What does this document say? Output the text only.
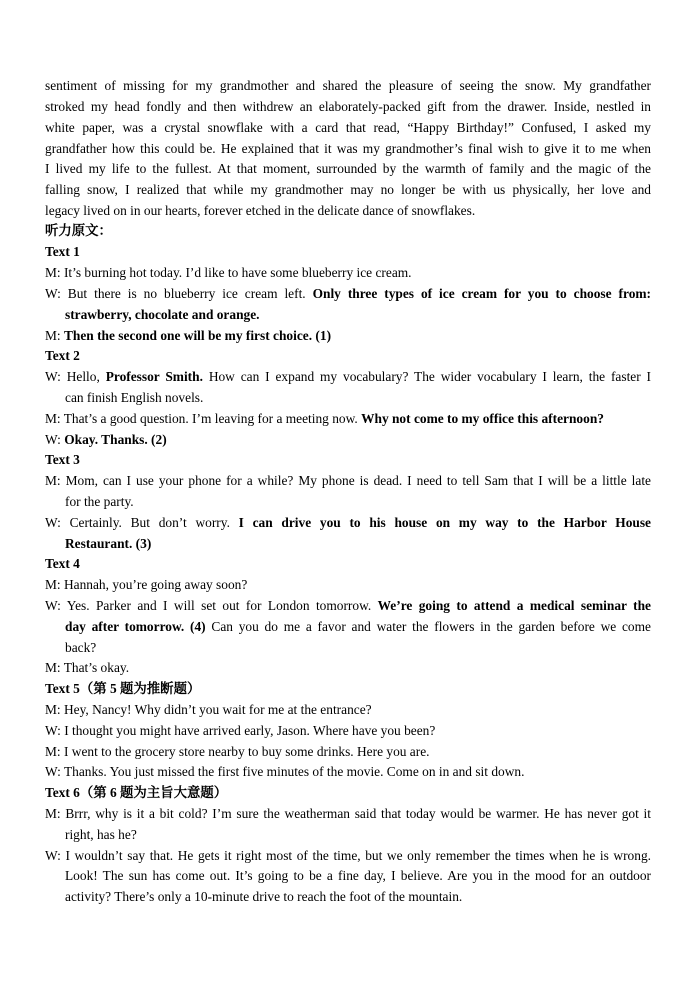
sentiment of missing for my grandmother and shared the pleasure of seeing the snow. My grandfather
stroked my head fondly and then withdrew an elaborately-packed gift from the drawer. Inside, nestled in
white paper, was a crystal snowflake with a card that read, “Happy Birthday!” Confused, I asked my
grandfather how this could be. He explained that it was my grandmother’s final wish to give it to me when
I lived my life to the fullest. At that moment, surrounded by the warmth of family and the magic of the
falling snow, I realized that while my grandmother may no longer be with us physically, her love and
legacy lived on in our hearts, forever etched in the delicate dance of snowflakes.
听力原文：
Text 1
M: It’s burning hot today. I’d like to have some blueberry ice cream.
W: But there is no blueberry ice cream left. Only three types of ice cream for you to choose from:
strawberry, chocolate and orange.
M: Then the second one will be my first choice. (1)
Text 2
W: Hello, Professor Smith. How can I expand my vocabulary? The wider vocabulary I learn, the faster I
can finish English novels.
M: That’s a good question. I’m leaving for a meeting now. Why not come to my office this afternoon?
W: Okay. Thanks. (2)
Text 3
M: Mom, can I use your phone for a while? My phone is dead. I need to tell Sam that I will be a little late
for the party.
W: Certainly. But don’t worry. I can drive you to his house on my way to the Harbor House
Restaurant. (3)
Text 4
M: Hannah, you’re going away soon?
W: Yes. Parker and I will set out for London tomorrow. We’re going to attend a medical seminar the
day after tomorrow. (4) Can you do me a favor and water the flowers in the garden before we come
back?
M: That’s okay.
Text 5（第 5 题为推断题）
M: Hey, Nancy! Why didn’t you wait for me at the entrance?
W: I thought you might have arrived early, Jason. Where have you been?
M: I went to the grocery store nearby to buy some drinks. Here you are.
W: Thanks. You just missed the first five minutes of the movie. Come on in and sit down.
Text 6（第 6 题为主旨大意题）
M: Brrr, why is it a bit cold? I’m sure the weatherman said that today would be warmer. He has never got it
right, has he?
W: I wouldn’t say that. He gets it right most of the time, but we only remember the times when he is wrong.
Look! The sun has come out. It’s going to be a fine day, I believe. Are you in the mood for an outdoor
activity? There’s only a 10-minute drive to reach the foot of the mountain.
